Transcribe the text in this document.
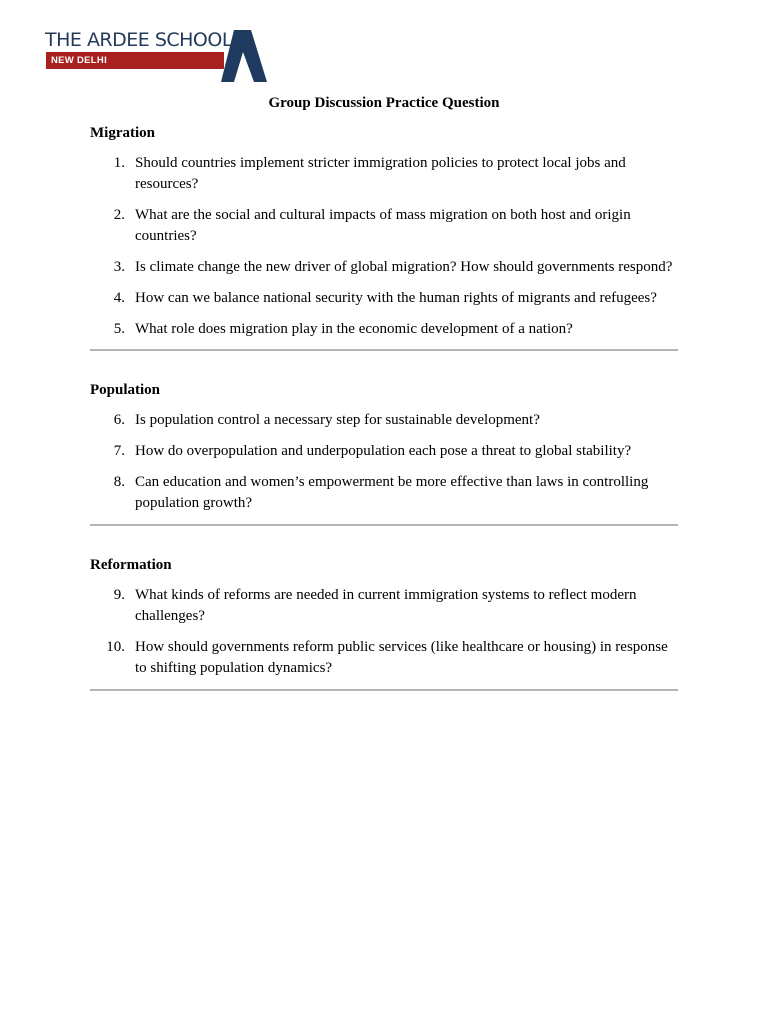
THE ARDEE SCHOOL
NEW DELHI
Group Discussion Practice Question
Migration
1. Should countries implement stricter immigration policies to protect local jobs and resources?
2. What are the social and cultural impacts of mass migration on both host and origin countries?
3. Is climate change the new driver of global migration? How should governments respond?
4. How can we balance national security with the human rights of migrants and refugees?
5. What role does migration play in the economic development of a nation?
Population
6. Is population control a necessary step for sustainable development?
7. How do overpopulation and underpopulation each pose a threat to global stability?
8. Can education and women’s empowerment be more effective than laws in controlling population growth?
Reformation
9. What kinds of reforms are needed in current immigration systems to reflect modern challenges?
10. How should governments reform public services (like healthcare or housing) in response to shifting population dynamics?
